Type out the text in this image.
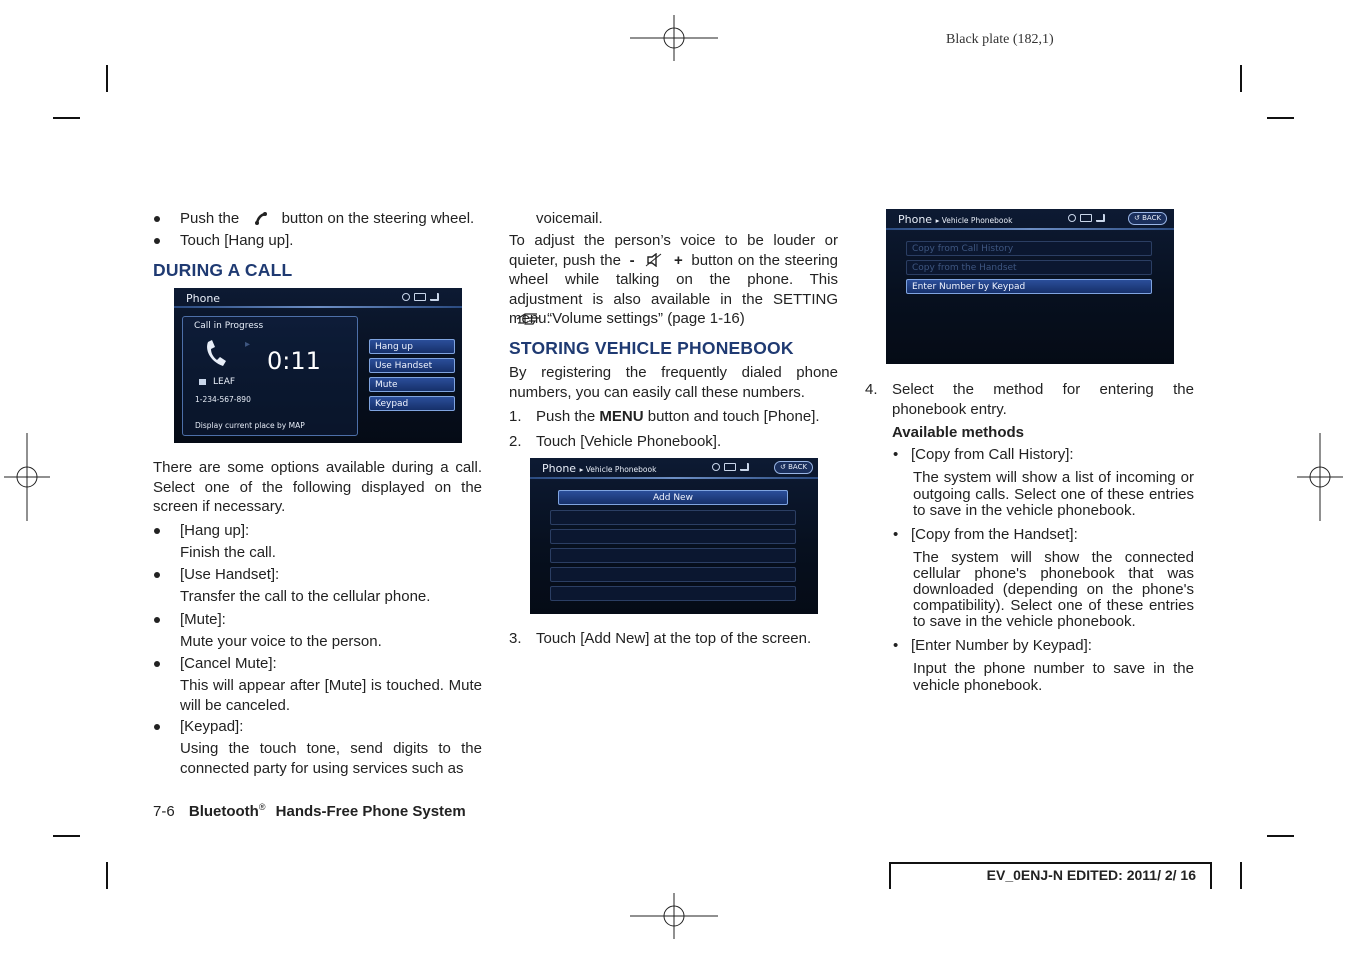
Black plate (182,1)
Push the	button on the steering wheel.
Touch [Hang up].
DURING A CALL
Phone
Call in Progress
▸
0:11
LEAF
1-234-567-890
Display current place by MAP
Hang up
Use Handset
Mute
Keypad
There are some options available during a call. Select one of the following displayed on the screen if necessary.
[Hang up]:
Finish the call.
[Use Handset]:
Transfer the call to the cellular phone.
[Mute]:
Mute your voice to the person.
[Cancel Mute]:
This will appear after [Mute] is touched. Mute will be canceled.
[Keypad]:
Using the touch tone, send digits to the connected party for using services such as
voicemail.
To adjust the person’s voice to be louder or quieter, push the -	+ button on the steering wheel while talking on the phone. This adjustment is also available in the SETTING menu.
“Volume settings” (page 1-16)
STORING VEHICLE PHONEBOOK
By registering the frequently dialed phone numbers, you can easily call these numbers.
1. Push the MENU button and touch [Phone].
2. Touch [Vehicle Phonebook].
Phone ▸ Vehicle Phonebook	↺ BACK
Add New
3. Touch [Add New] at the top of the screen.
Phone ▸ Vehicle Phonebook	↺ BACK
Copy from Call History
Copy from the Handset
Enter Number by Keypad
4. Select the method for entering the phonebook entry.
Available methods
• [Copy from Call History]:
The system will show a list of incoming or outgoing calls. Select one of these entries to save in the vehicle phonebook.
• [Copy from the Handset]:
The system will show the connected cellular phone's phonebook that was downloaded (depending on the phone's compatibility). Select one of these entries to save in the vehicle phonebook.
• [Enter Number by Keypad]:
Input the phone number to save in the vehicle phonebook.
7-6 Bluetooth® Hands-Free Phone System
EV_0ENJ-N EDITED: 2011/ 2/ 16
